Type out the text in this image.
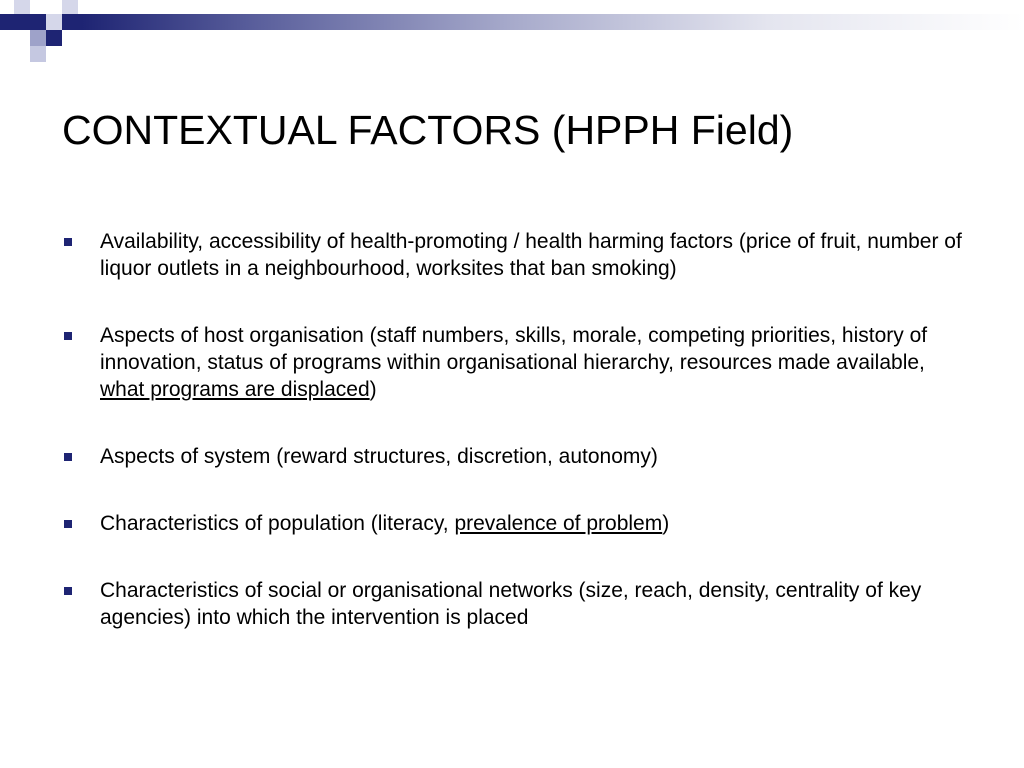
CONTEXTUAL FACTORS (HPPH Field)
Availability, accessibility of health-promoting / health harming factors (price of fruit, number of liquor outlets in a neighbourhood, worksites that ban smoking)
Aspects of host organisation (staff numbers, skills, morale, competing priorities, history of innovation, status of programs within organisational hierarchy, resources made available, what programs are displaced)
Aspects of system (reward structures, discretion, autonomy)
Characteristics of population (literacy, prevalence of problem)
Characteristics of social or organisational networks (size, reach, density, centrality of key agencies) into which the intervention is placed
